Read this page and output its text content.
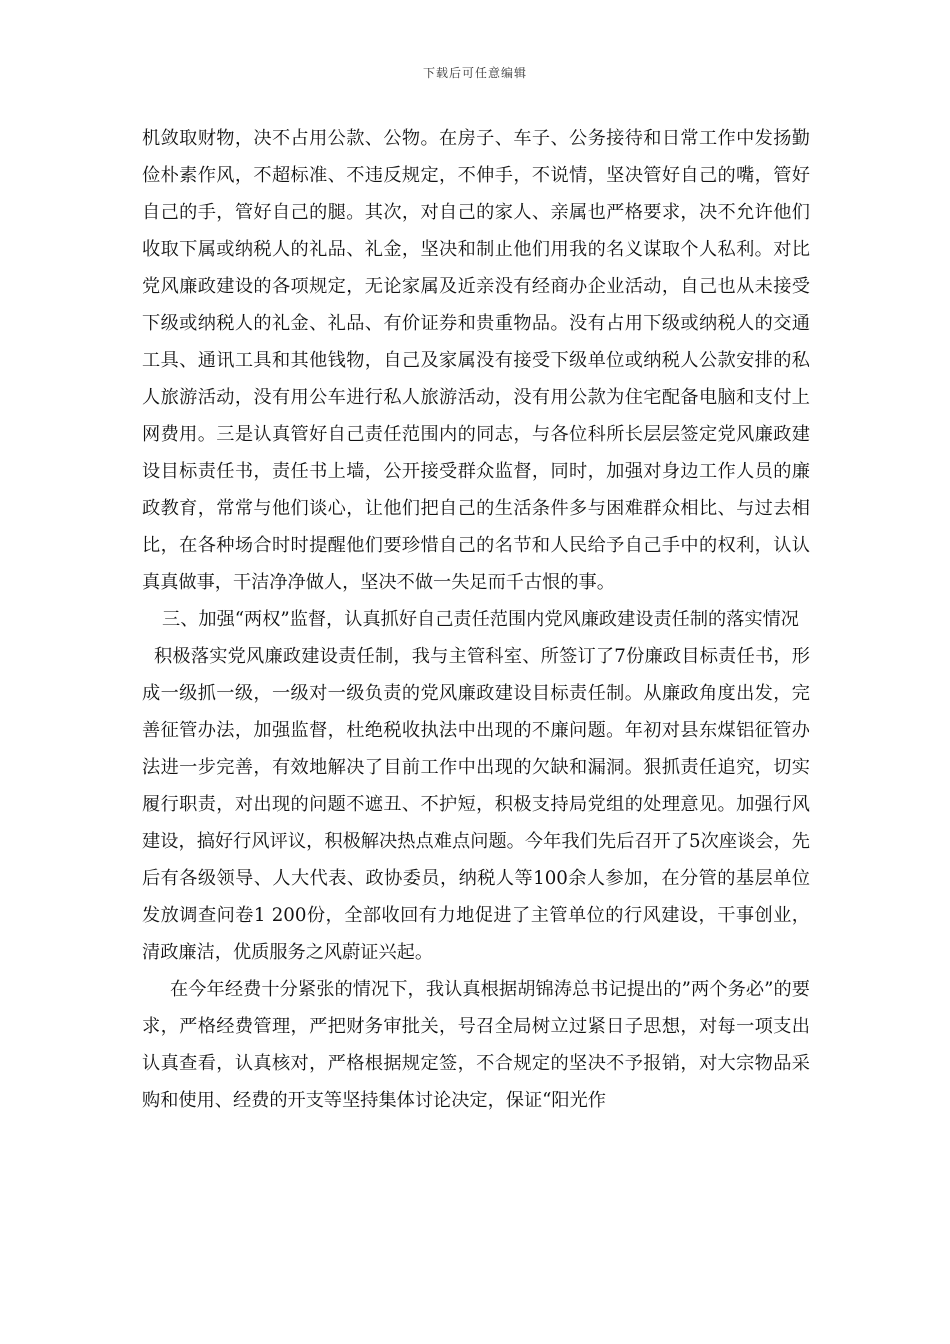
下载后可任意编辑

机敛取财物，决不占用公款、公物。在房子、车子、公务接待和日常工作中发扬勤俭朴素作风，不超标准、不违反规定，不伸手，不说情，坚决管好自己的嘴，管好自己的手，管好自己的腿。其次，对自己的家人、亲属也严格要求，决不允许他们收取下属或纳税人的礼品、礼金，坚决和制止他们用我的名义谋取个人私利。对比党风廉政建设的各项规定，无论家属及近亲没有经商办企业活动，自己也从未接受下级或纳税人的礼金、礼品、有价证券和贵重物品。没有占用下级或纳税人的交通工具、通讯工具和其他钱物，自己及家属没有接受下级单位或纳税人公款安排的私人旅游活动，没有用公车进行私人旅游活动，没有用公款为住宅配备电脑和支付上网费用。三是认真管好自己责任范围内的同志，与各位科所长层层签定党风廉政建设目标责任书，责任书上墙，公开接受群众监督，同时，加强对身边工作人员的廉政教育，常常与他们谈心，让他们把自己的生活条件多与困难群众相比、与过去相比，在各种场合时时提醒他们要珍惜自己的名节和人民给予自己手中的权利，认认真真做事，干洁净净做人，坚决不做一失足而千古恨的事。

三、加强“两权”监督，认真抓好自己责任范围内党风廉政建设责任制的落实情况

积极落实党风廉政建设责任制，我与主管科室、所签订了7份廉政目标责任书，形成一级抓一级，一级对一级负责的党风廉政建设目标责任制。从廉政角度出发，完善征管办法，加强监督，杜绝税收执法中出现的不廉问题。年初对县东煤铝征管办法进一步完善，有效地解决了目前工作中出现的欠缺和漏洞。狠抓责任追究，切实履行职责，对出现的问题不遮丑、不护短，积极支持局党组的处理意见。加强行风建设，搞好行风评议，积极解决热点难点问题。今年我们先后召开了5次座谈会，先后有各级领导、人大代表、政协委员，纳税人等100余人参加，在分管的基层单位发放调查问卷1 200份，全部收回有力地促进了主管单位的行风建设，干事创业，清政廉洁，优质服务之风蔚证兴起。

在今年经费十分紧张的情况下，我认真根据胡锦涛总书记提出的”两个务必”的要求，严格经费管理，严把财务审批关，号召全局树立过紧日子思想，对每一项支出认真查看，认真核对，严格根据规定签，不合规定的坚决不予报销，对大宗物品采购和使用、经费的开支等坚持集体讨论决定，保证“阳光作
